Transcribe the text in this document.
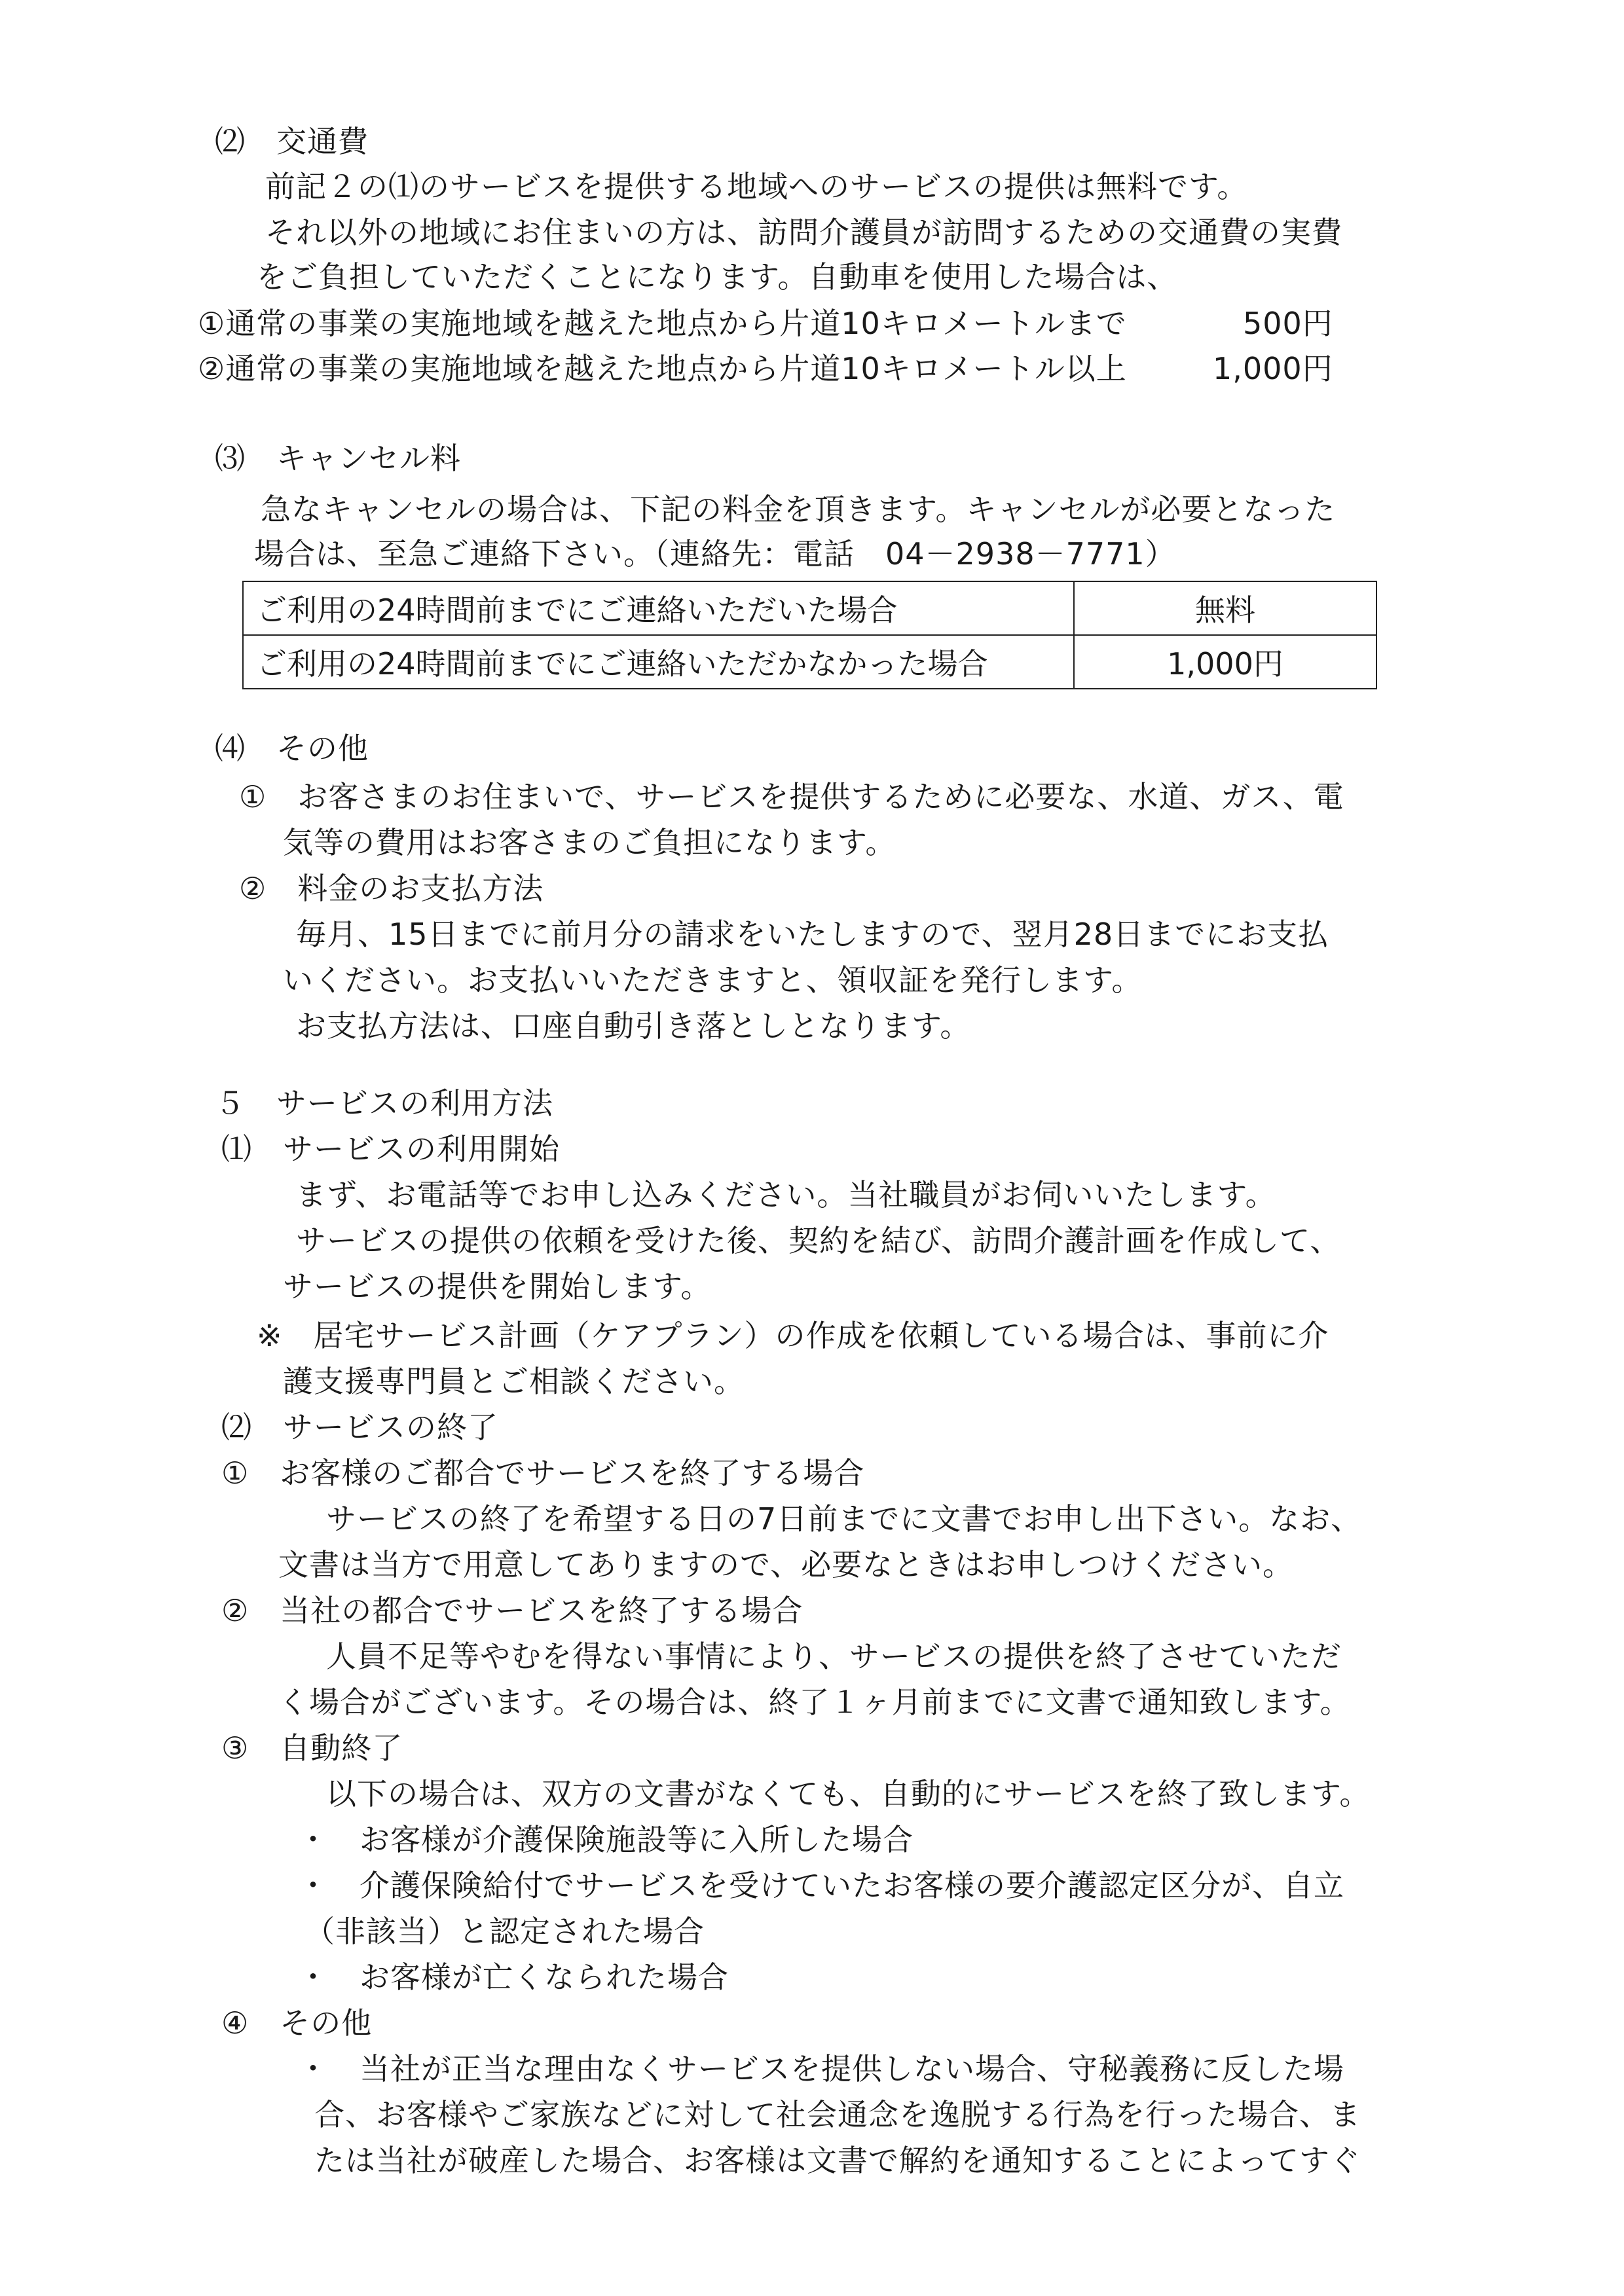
⑵　交通費
前記２の⑴のサービスを提供する地域へのサービスの提供は無料です。
それ以外の地域にお住まいの方は、訪問介護員が訪問するための交通費の実費
をご負担していただくことになります。自動車を使用した場合は、
①通常の事業の実施地域を越えた地点から片道10キロメートルまで	500円
②通常の事業の実施地域を越えた地点から片道10キロメートル以上	1,000円
⑶　キャンセル料
急なキャンセルの場合は、下記の料金を頂きます。キャンセルが必要となった
場合は、至急ご連絡下さい。（連絡先：電話　04－2938－7771）
ご利用の24時間前までにご連絡いただいた場合	無料
ご利用の24時間前までにご連絡いただかなかった場合	1,000円
⑷　その他
①　お客さまのお住まいで、サービスを提供するために必要な、水道、ガス、電
気等の費用はお客さまのご負担になります。
②　料金のお支払方法
毎月、15日までに前月分の請求をいたしますので、翌月28日までにお支払
いください。お支払いいただきますと、領収証を発行します。
お支払方法は、口座自動引き落としとなります。
５　サービスの利用方法
⑴　サービスの利用開始
まず、お電話等でお申し込みください。当社職員がお伺いいたします。
サービスの提供の依頼を受けた後、契約を結び、訪問介護計画を作成して、
サービスの提供を開始します。
※　居宅サービス計画（ケアプラン）の作成を依頼している場合は、事前に介
護支援専門員とご相談ください。
⑵　サービスの終了
①　お客様のご都合でサービスを終了する場合
サービスの終了を希望する日の7日前までに文書でお申し出下さい。なお、
文書は当方で用意してありますので、必要なときはお申しつけください。
②　当社の都合でサービスを終了する場合
人員不足等やむを得ない事情により、サービスの提供を終了させていただ
く場合がございます。その場合は、終了１ヶ月前までに文書で通知致します。
③　自動終了
以下の場合は、双方の文書がなくても、自動的にサービスを終了致します。
・　お客様が介護保険施設等に入所した場合
・　介護保険給付でサービスを受けていたお客様の要介護認定区分が、自立
（非該当）と認定された場合
・　お客様が亡くなられた場合
④　その他
・　当社が正当な理由なくサービスを提供しない場合、守秘義務に反した場
合、お客様やご家族などに対して社会通念を逸脱する行為を行った場合、ま
たは当社が破産した場合、お客様は文書で解約を通知することによってすぐ
